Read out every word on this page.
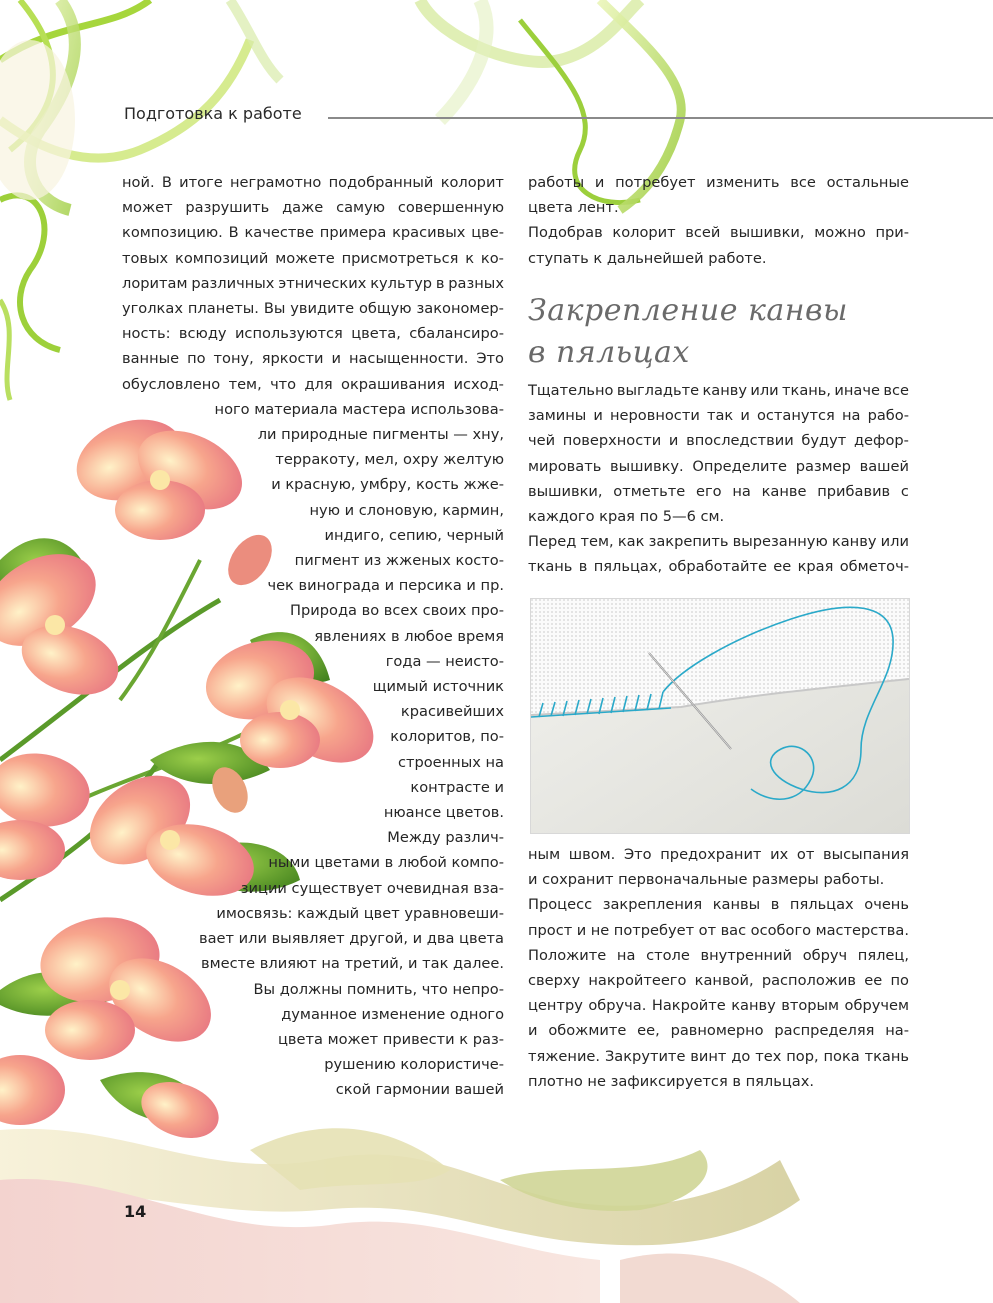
Подготовка к работе
ной. В итоге неграмотно подобранный колорит
может разрушить даже самую совершенную
композицию. В качестве примера красивых цве-
товых композиций можете присмотреться к ко-
лоритам различных этнических культур в разных
уголках планеты. Вы увидите общую закономер-
ность: всюду используются цвета, сбалансиро-
ванные по тону, яркости и насыщенности. Это
обусловлено тем, что для окрашивания исход-
ного материала мастера использова-
ли природные пигменты — хну,
терракоту, мел, охру желтую
и красную, умбру, кость жже-
ную и слоновую, кармин,
индиго, сепию, черный
пигмент из жженых косто-
чек винограда и персика и пр.
Природа во всех своих про-
явлениях в любое время
года — неисто-
щимый источник
красивейших
колоритов, по-
строенных на
контрасте и
нюансе цветов.
Между различ-
ными цветами в любой компо-
зиции существует очевидная вза-
имосвязь: каждый цвет уравновеши-
вает или выявляет другой, и два цвета
вместе влияют на третий, и так далее.
Вы должны помнить, что непро-
думанное изменение одного
цвета может привести к раз-
рушению колористиче-
ской гармонии вашей
работы и потребует изменить все остальные
цвета лент.
Подобрав колорит всей вышивки, можно при-
ступать к дальнейшей работе.
Закрепление канвы
в пяльцах
Тщательно выгладьте канву или ткань, иначе все
замины и неровности так и останутся на рабо-
чей поверхности и впоследствии будут дефор-
мировать вышивку. Определите размер вашей
вышивки, отметьте его на канве прибавив с
каждого края по 5—6 см.
Перед тем, как закрепить вырезанную канву или
ткань в пяльцах, обработайте ее края обметоч-
ным швом. Это предохранит их от высыпания
и сохранит первоначальные размеры работы.
Процесс закрепления канвы в пяльцах очень
прост и не потребует от вас особого мастерства.
Положите на столе внутренний обруч пялец,
сверху накройтеего канвой, расположив ее по
центру обруча. Накройте канву вторым обручем
и обожмите ее, равномерно распределяя на-
тяжение. Закрутите винт до тех пор, пока ткань
плотно не зафиксируется в пяльцах.
14
